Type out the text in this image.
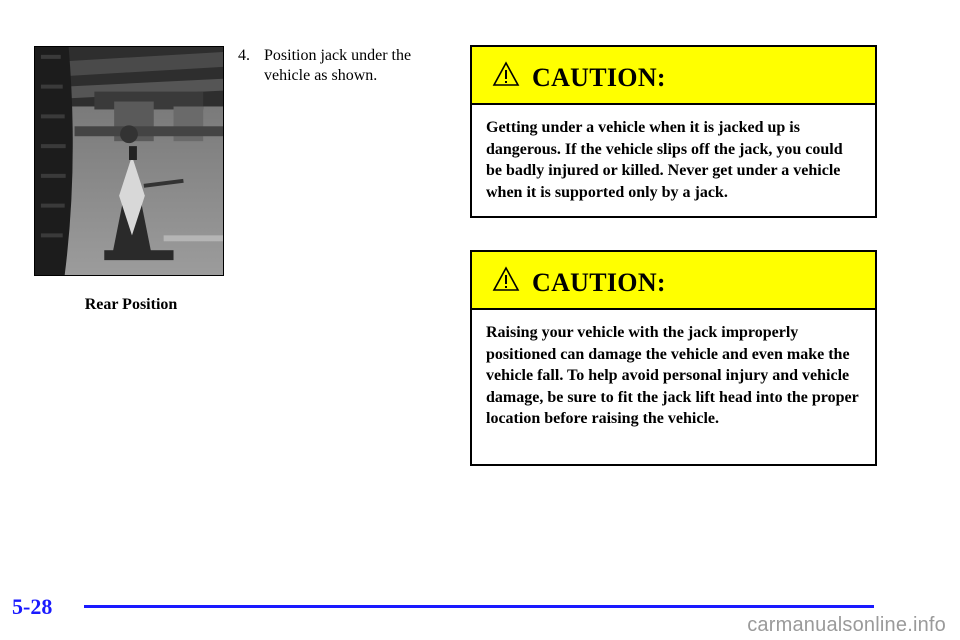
Rear Position
4. Position jack under the vehicle as shown.	CAUTION:
Getting under a vehicle when it is jacked up is dangerous. If the vehicle slips off the jack, you could be badly injured or killed. Never get under a vehicle when it is supported only by a jack.
CAUTION:
Raising your vehicle with the jack improperly positioned can damage the vehicle and even make the vehicle fall. To help avoid personal injury and vehicle damage, be sure to fit the jack lift head into the proper location before raising the vehicle.
5-28
carmanualsonline.info
